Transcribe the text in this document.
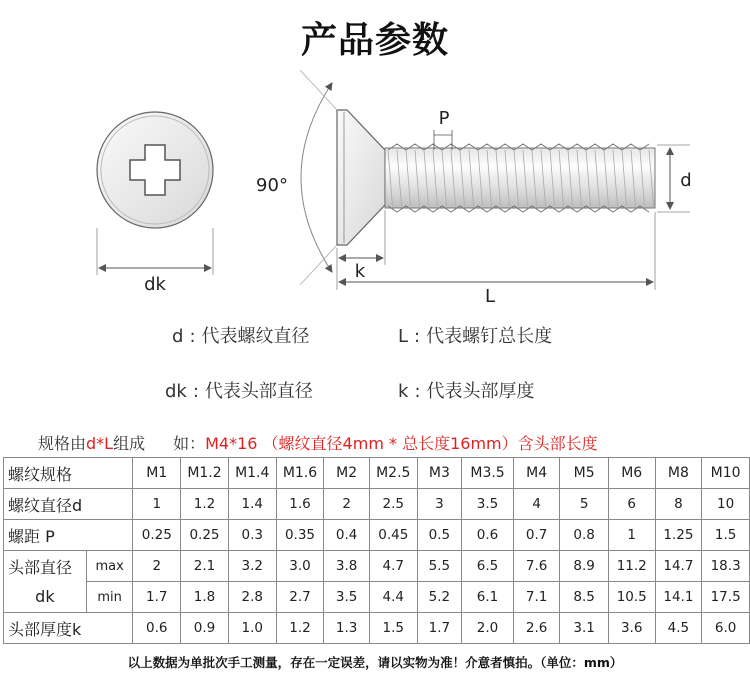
产品参数
dk
90°
P
d
k
L
d : 代表螺纹直径	L : 代表螺钉总长度
dk : 代表头部直径	k : 代表头部厚度
规格由d*L组成 如：M4*16 （螺纹直径4mm * 总长度16mm）含头部长度
螺纹规格		M1	M1.2	M1.4	M1.6	M2	M2.5	M3	M3.5	M4	M5	M6	M8	M10
螺纹直径d		1	1.2	1.4	1.6	2	2.5	3	3.5	4	5	6	8	10
螺距 P		0.25	0.25	0.3	0.35	0.4	0.45	0.5	0.6	0.7	0.8	1	1.25	1.5
头部直径	max	2	2.1	3.2	3.0	3.8	4.7	5.5	6.5	7.6	8.9	11.2	14.7	18.3
dk	min	1.7	1.8	2.8	2.7	3.5	4.4	5.2	6.1	7.1	8.5	10.5	14.1	17.5
头部厚度k		0.6	0.9	1.0	1.2	1.3	1.5	1.7	2.0	2.6	3.1	3.6	4.5	6.0
以上数据为单批次手工测量，存在一定误差，请以实物为准！介意者慎拍。（单位：mm）
